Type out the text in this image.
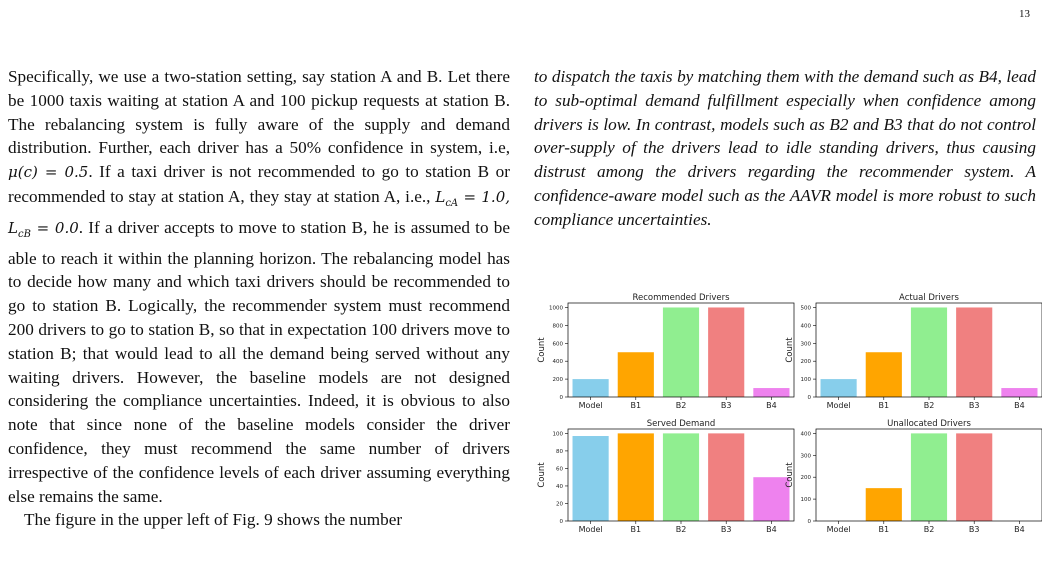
13

Specifically, we use a two-station setting, say station A and B. Let there be 1000 taxis waiting at station A and 100 pickup requests at station B. The rebalancing system is fully aware of the supply and demand distribution. Further, each driver has a 50% confidence in system, i.e, μ(c) = 0.5. If a taxi driver is not recommended to go to station B or recommended to stay at station A, they stay at station A, i.e., $L_{cA} = 1.0$, $L_{cB} = 0.0$. If a driver accepts to move to station B, he is assumed to be able to reach it within the planning horizon. The rebalancing model has to decide how many and which taxi drivers should be recommended to go to station B. Logically, the recommender system must recommend 200 drivers to go to station B, so that in expectation 100 drivers move to station B; that would lead to all the demand being served without any waiting drivers. However, the baseline models are not designed considering the compliance uncertainties. Indeed, it is obvious to also note that since none of the baseline models consider the driver confidence, they must recommend the same number of drivers irrespective of the confidence levels of each driver assuming everything else remains the same.

The figure in the upper left of Fig. 9 shows the number

to dispatch the taxis by matching them with the demand such as B4, lead to sub-optimal demand fulfillment especially when confidence among drivers is low. In contrast, models such as B2 and B3 that do not control over-supply of the drivers lead to idle standing drivers, thus causing distrust among the drivers regarding the recommender system. A confidence-aware model such as the AAVR model is more robust to such compliance uncertainties.

Recommended Drivers
Count
Model	B1	B2	B3	B4
0
200
400
600
800
1000
Actual Drivers
Count
Model	B1	B2	B3	B4
0
100
200
300
400
500
Served Demand
Count
Model	B1	B2	B3	B4
0
20
40
60
80
100
Unallocated Drivers
Count
Model	B1	B2	B3	B4
0
100
200
300
400
